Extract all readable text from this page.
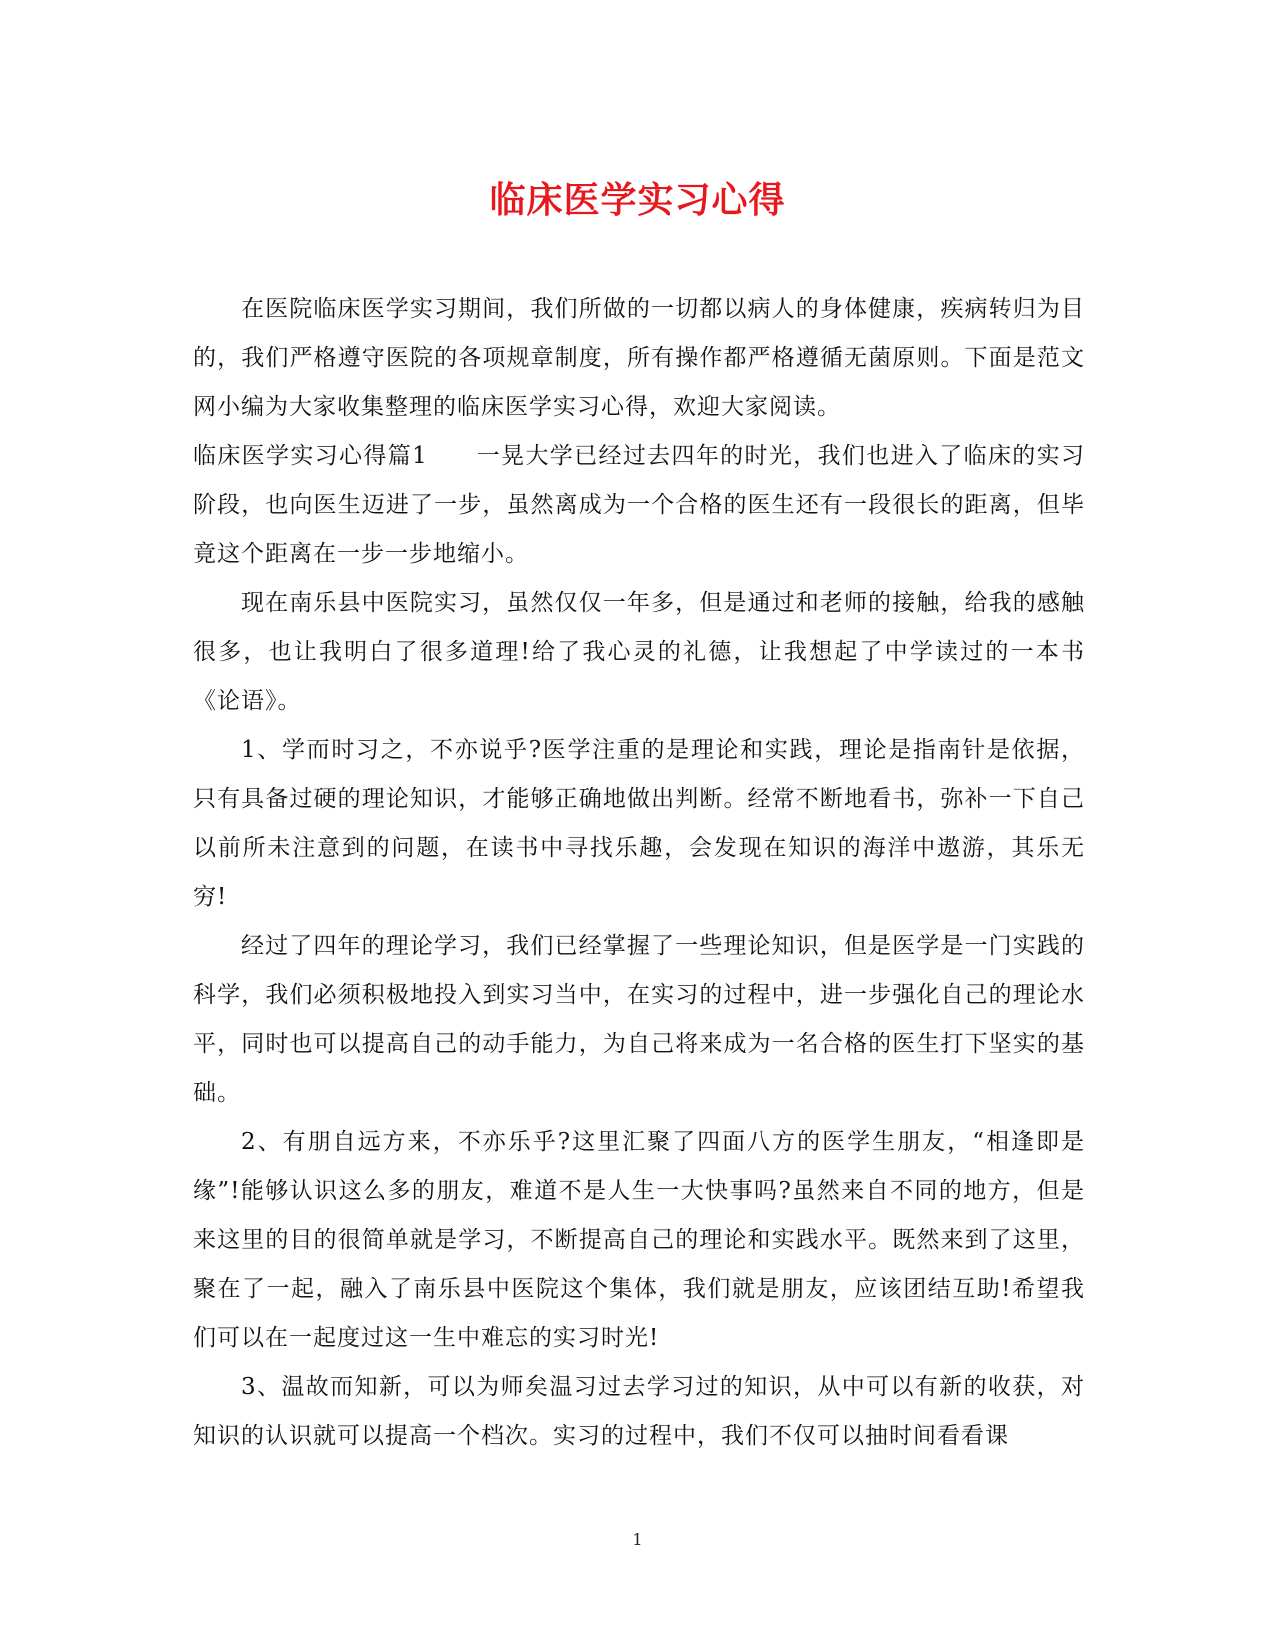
临床医学实习心得

在医院临床医学实习期间，我们所做的一切都以病人的身体健康，疾病转归为目的，我们严格遵守医院的各项规章制度，所有操作都严格遵循无菌原则。下面是范文网小编为大家收集整理的临床医学实习心得，欢迎大家阅读。

临床医学实习心得篇1　　一晃大学已经过去四年的时光，我们也进入了临床的实习阶段，也向医生迈进了一步，虽然离成为一个合格的医生还有一段很长的距离，但毕竟这个距离在一步一步地缩小。

现在南乐县中医院实习，虽然仅仅一年多，但是通过和老师的接触，给我的感触很多，也让我明白了很多道理!给了我心灵的礼德，让我想起了中学读过的一本书《论语》。

1、学而时习之，不亦说乎?医学注重的是理论和实践，理论是指南针是依据，只有具备过硬的理论知识，才能够正确地做出判断。经常不断地看书，弥补一下自己以前所未注意到的问题，在读书中寻找乐趣，会发现在知识的海洋中遨游，其乐无穷!

经过了四年的理论学习，我们已经掌握了一些理论知识，但是医学是一门实践的科学，我们必须积极地投入到实习当中，在实习的过程中，进一步强化自己的理论水平，同时也可以提高自己的动手能力，为自己将来成为一名合格的医生打下坚实的基础。

2、有朋自远方来，不亦乐乎?这里汇聚了四面八方的医学生朋友，“相逢即是缘”!能够认识这么多的朋友，难道不是人生一大快事吗?虽然来自不同的地方，但是来这里的目的很简单就是学习，不断提高自己的理论和实践水平。既然来到了这里，聚在了一起，融入了南乐县中医院这个集体，我们就是朋友，应该团结互助!希望我们可以在一起度过这一生中难忘的实习时光!

3、温故而知新，可以为师矣温习过去学习过的知识，从中可以有新的收获，对知识的认识就可以提高一个档次。实习的过程中，我们不仅可以抽时间看看课

1
